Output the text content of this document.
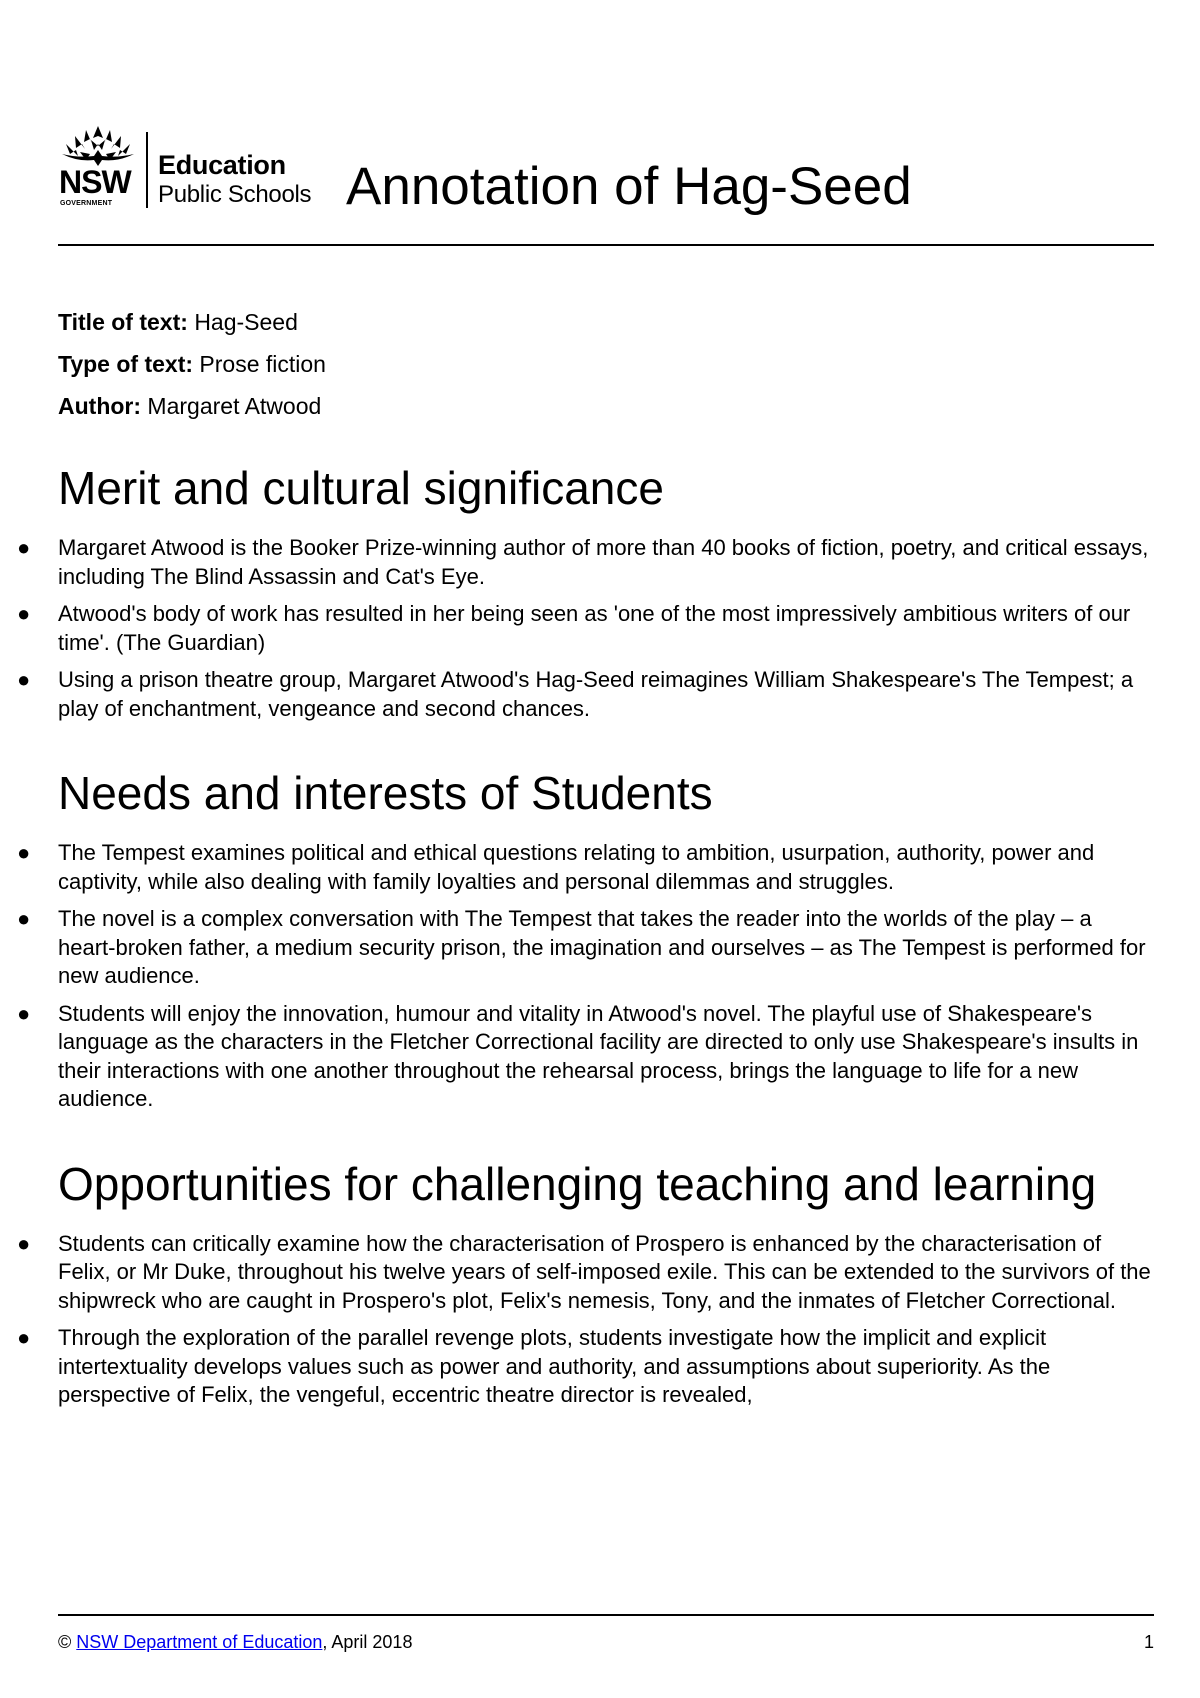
NSW
GOVERNMENT
Education
Public Schools Annotation of Hag-Seed

Title of text: Hag-Seed

Type of text: Prose fiction

Author: Margaret Atwood

Merit and cultural significance
● Margaret Atwood is the Booker Prize-winning author of more than 40 books of fiction, poetry, and critical essays, including The Blind Assassin and Cat's Eye.
● Atwood's body of work has resulted in her being seen as 'one of the most impressively ambitious writers of our time'. (The Guardian)
● Using a prison theatre group, Margaret Atwood's Hag-Seed reimagines William Shakespeare's The Tempest; a play of enchantment, vengeance and second chances.
Needs and interests of Students
● The Tempest examines political and ethical questions relating to ambition, usurpation, authority, power and captivity, while also dealing with family loyalties and personal dilemmas and struggles.
● The novel is a complex conversation with The Tempest that takes the reader into the worlds of the play – a heart-broken father, a medium security prison, the imagination and ourselves – as The Tempest is performed for new audience.
● Students will enjoy the innovation, humour and vitality in Atwood's novel. The playful use of Shakespeare's language as the characters in the Fletcher Correctional facility are directed to only use Shakespeare's insults in their interactions with one another throughout the rehearsal process, brings the language to life for a new audience.
Opportunities for challenging teaching and learning
● Students can critically examine how the characterisation of Prospero is enhanced by the characterisation of Felix, or Mr Duke, throughout his twelve years of self-imposed exile. This can be extended to the survivors of the shipwreck who are caught in Prospero's plot, Felix's nemesis, Tony, and the inmates of Fletcher Correctional.
● Through the exploration of the parallel revenge plots, students investigate how the implicit and explicit intertextuality develops values such as power and authority, and assumptions about superiority. As the perspective of Felix, the vengeful, eccentric theatre director is revealed,
© NSW Department of Education, April 2018	1
